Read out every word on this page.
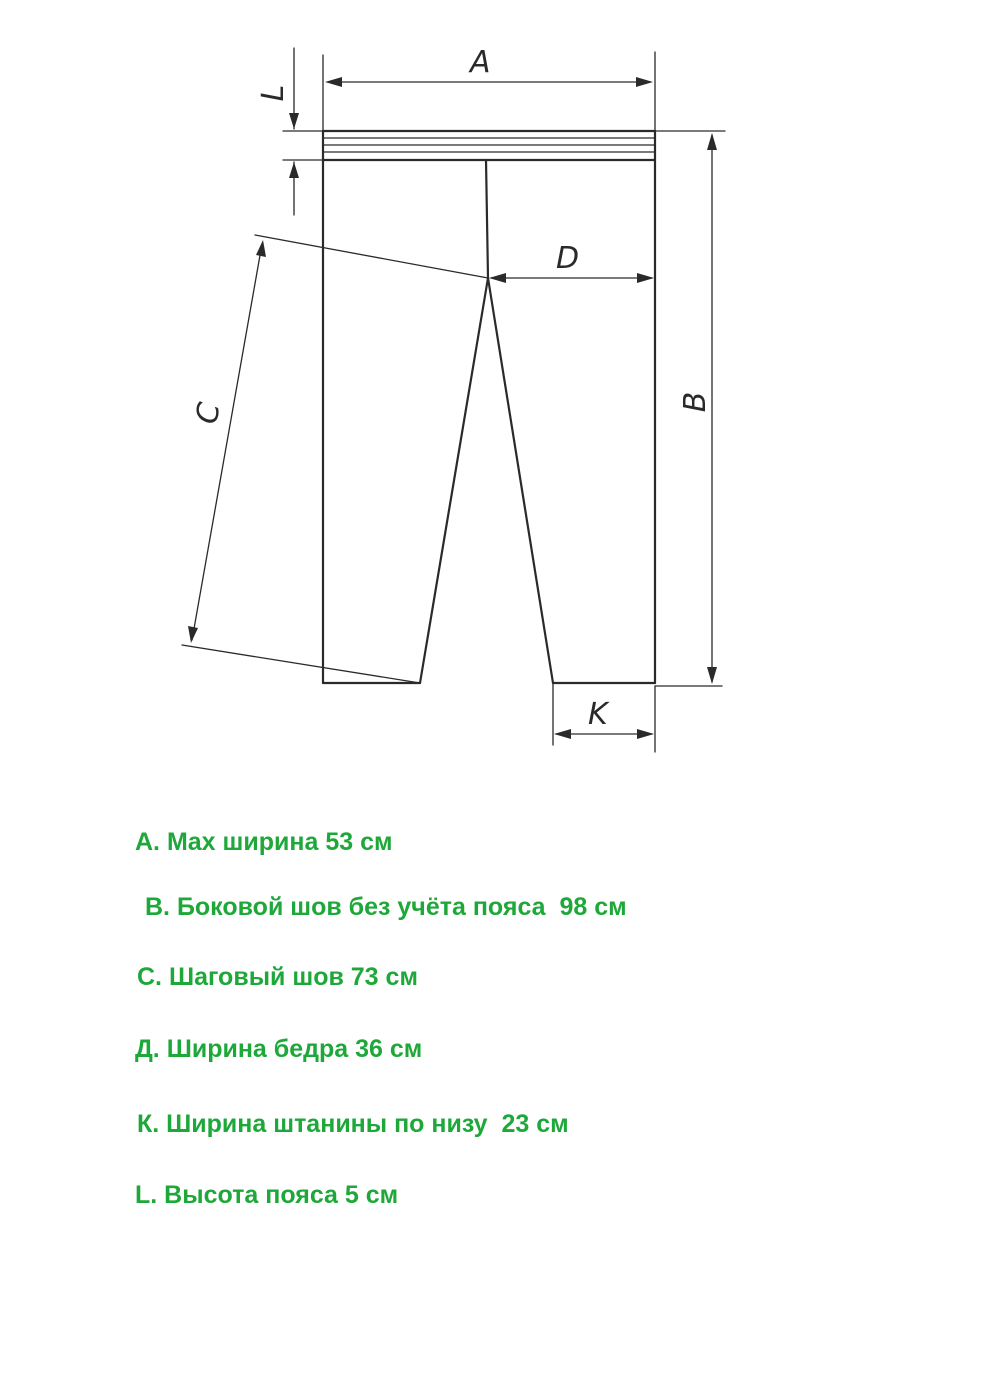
A
L
B
C
D
K

A. Max ширина 53 см

B. Боковой шов без учёта пояса  98 см

C. Шаговый шов 73 см

Д. Ширина бедра 36 см

К. Ширина штанины по низу  23 см

L. Высота пояса 5 см
